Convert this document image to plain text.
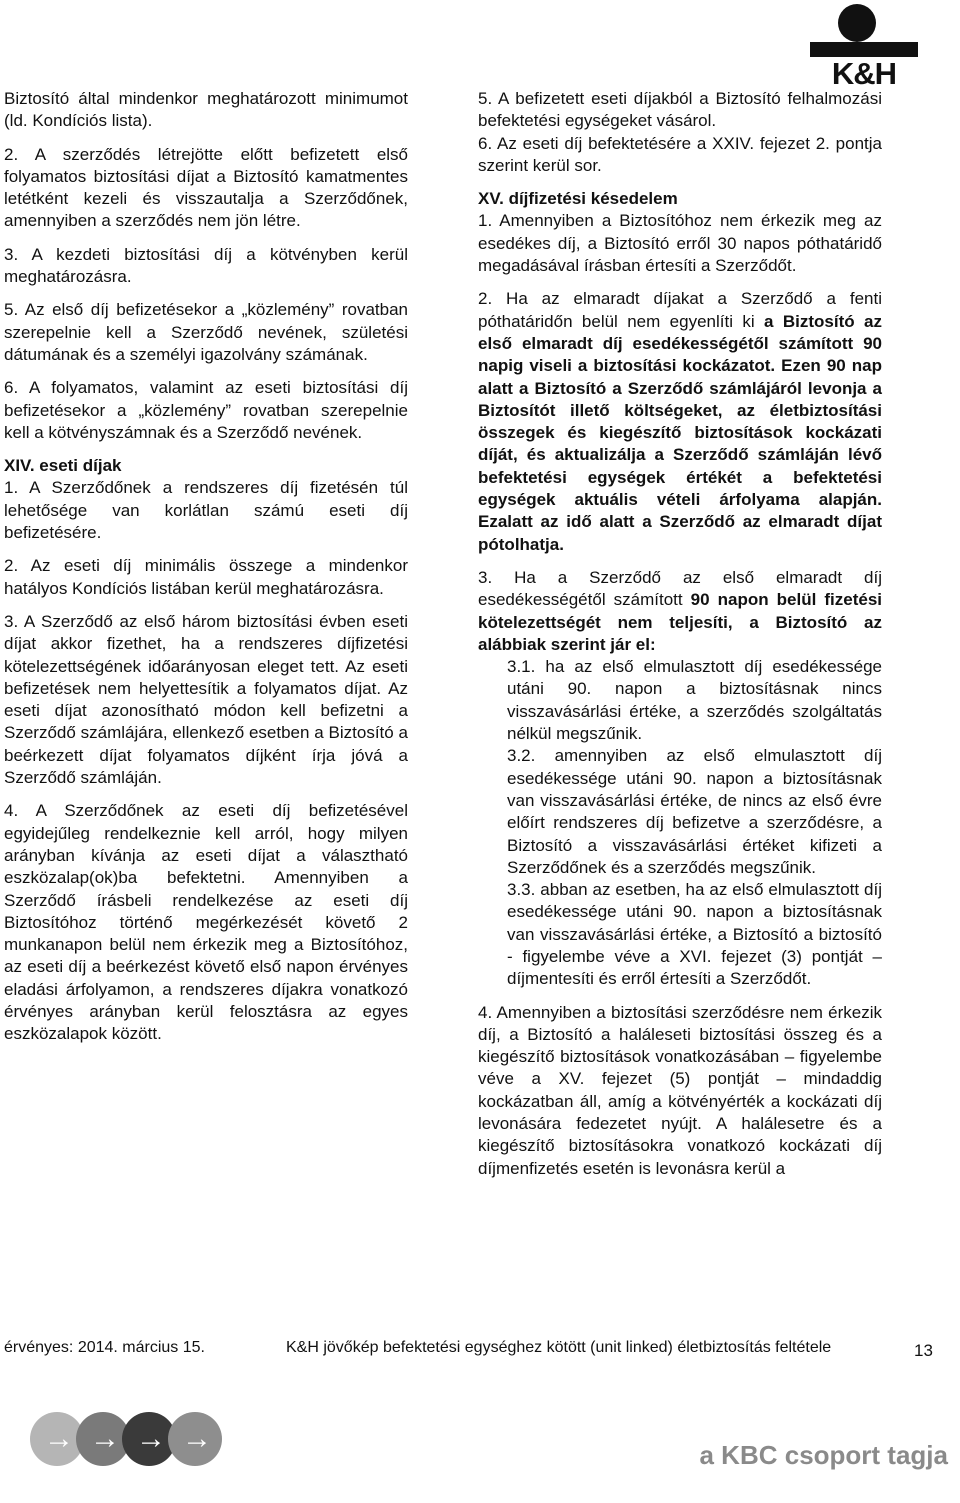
K&H

Biztosító által mindenkor meghatározott minimumot (ld. Kondíciós lista).

2. A szerződés létrejötte előtt befizetett első folyamatos biztosítási díjat a Biztosító kamatmentes letétként kezeli és visszautalja a Szerződőnek, amennyiben a szerződés nem jön létre.

3. A kezdeti biztosítási díj a kötvényben kerül meghatározásra.

5. Az első díj befizetésekor a „közlemény” rovatban szerepelnie kell a Szerződő nevének, születési dátumának és a személyi igazolvány számának.

6. A folyamatos, valamint az eseti biztosítási díj befizetésekor a „közlemény” rovatban szerepelnie kell a kötvényszámnak és a Szerződő nevének.

XIV. eseti díjak

1. A Szerződőnek a rendszeres díj fizetésén túl lehetősége van korlátlan számú eseti díj befizetésére.

2. Az eseti díj minimális összege a mindenkor hatályos Kondíciós listában kerül meghatározásra.

3. A Szerződő az első három biztosítási évben eseti díjat akkor fizethet, ha a rendszeres díjfizetési kötelezettségének időarányosan eleget tett. Az eseti befizetések nem helyettesítik a folyamatos díjat. Az eseti díjat azonosítható módon kell befizetni a Szerződő számlájára, ellenkező esetben a Biztosító a beérkezett díjat folyamatos díjként írja jóvá a Szerződő számláján.

4. A Szerződőnek az eseti díj befizetésével egyidejűleg rendelkeznie kell arról, hogy milyen arányban kívánja az eseti díjat a választható eszközalap(ok)ba befektetni. Amennyiben a Szerződő írásbeli rendelkezése az eseti díj Biztosítóhoz történő megérkezését követő 2 munkanapon belül nem érkezik meg a Biztosítóhoz, az eseti díj a beérkezést követő első napon érvényes eladási árfolyamon, a rendszeres díjakra vonatkozó érvényes arányban kerül felosztásra az egyes eszközalapok között.

5. A befizetett eseti díjakból a Biztosító felhalmozási befektetési egységeket vásárol.

6. Az eseti díj befektetésére a XXIV. fejezet 2. pontja szerint kerül sor.

XV. díjfizetési késedelem

1. Amennyiben a Biztosítóhoz nem érkezik meg az esedékes díj, a Biztosító erről 30 napos póthatáridő megadásával írásban értesíti a Szerződőt.

2. Ha az elmaradt díjakat a Szerződő a fenti póthatáridőn belül nem egyenlíti ki a Biztosító az első elmaradt díj esedékességétől számított 90 napig viseli a biztosítási kockázatot. Ezen 90 nap alatt a Biztosító a Szerződő számlájáról levonja a Biztosítót illető költségeket, az életbiztosítási összegek és kiegészítő biztosítások kockázati díját, és aktualizálja a Szerződő számláján lévő befektetési egységek értékét a befektetési egységek aktuális vételi árfolyama alapján. Ezalatt az idő alatt a Szerződő az elmaradt díjat pótolhatja.

3. Ha a Szerződő az első elmaradt díj esedékességétől számított 90 napon belül fizetési kötelezettségét nem teljesíti, a Biztosító az alábbiak szerint jár el:

3.1. ha az első elmulasztott díj esedékessége utáni 90. napon a biztosításnak nincs visszavásárlási értéke, a szerződés szolgáltatás nélkül megszűnik.

3.2. amennyiben az első elmulasztott díj esedékessége utáni 90. napon a biztosításnak van visszavásárlási értéke, de nincs az első évre előírt rendszeres díj befizetve a szerződésre, a Biztosító a visszavásárlási értéket kifizeti a Szerződőnek és a szerződés megszűnik.

3.3. abban az esetben, ha az első elmulasztott díj esedékessége utáni 90. napon a biztosításnak van visszavásárlási értéke, a Biztosító a biztosító - figyelembe véve a XVI. fejezet (3) pontját – díjmentesíti és erről értesíti a Szerződőt.

4. Amennyiben a biztosítási szerződésre nem érkezik díj, a Biztosító a haláleseti biztosítási összeg és a kiegészítő biztosítások vonatkozásában – figyelembe véve a XV. fejezet (5) pontját – mindaddig kockázatban áll, amíg a kötvényérték a kockázati díj levonására fedezetet nyújt. A halálesetre és a kiegészítő biztosításokra vonatkozó kockázati díj díjmenfizetés esetén is levonásra kerül a

érvényes: 2014. március 15.	K&H jövőkép befektetési egységhez kötött (unit linked) életbiztosítás feltétele	13
→ → → →	a KBC csoport tagja
